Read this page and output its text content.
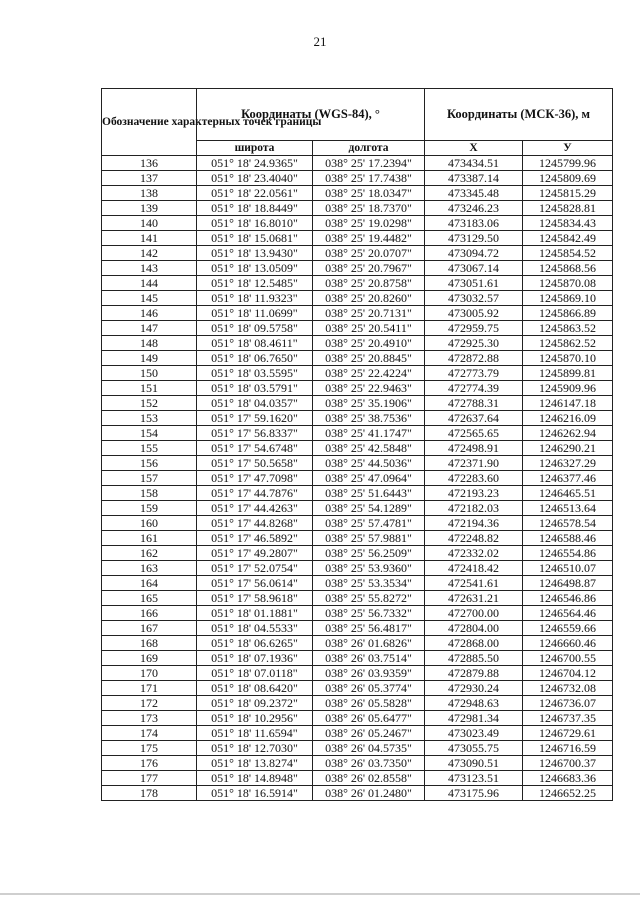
21
Обозначение характерных точек границы	Координаты (WGS-84), °		Координаты (МСК-36), м	
	широта	долгота	X	У
136	051° 18' 24.9365"	038° 25' 17.2394"	473434.51	1245799.96
137	051° 18' 23.4040"	038° 25' 17.7438"	473387.14	1245809.69
138	051° 18' 22.0561"	038° 25' 18.0347"	473345.48	1245815.29
139	051° 18' 18.8449"	038° 25' 18.7370"	473246.23	1245828.81
140	051° 18' 16.8010"	038° 25' 19.0298"	473183.06	1245834.43
141	051° 18' 15.0681"	038° 25' 19.4482"	473129.50	1245842.49
142	051° 18' 13.9430"	038° 25' 20.0707"	473094.72	1245854.52
143	051° 18' 13.0509"	038° 25' 20.7967"	473067.14	1245868.56
144	051° 18' 12.5485"	038° 25' 20.8758"	473051.61	1245870.08
145	051° 18' 11.9323"	038° 25' 20.8260"	473032.57	1245869.10
146	051° 18' 11.0699"	038° 25' 20.7131"	473005.92	1245866.89
147	051° 18' 09.5758"	038° 25' 20.5411"	472959.75	1245863.52
148	051° 18' 08.4611"	038° 25' 20.4910"	472925.30	1245862.52
149	051° 18' 06.7650"	038° 25' 20.8845"	472872.88	1245870.10
150	051° 18' 03.5595"	038° 25' 22.4224"	472773.79	1245899.81
151	051° 18' 03.5791"	038° 25' 22.9463"	472774.39	1245909.96
152	051° 18' 04.0357"	038° 25' 35.1906"	472788.31	1246147.18
153	051° 17' 59.1620"	038° 25' 38.7536"	472637.64	1246216.09
154	051° 17' 56.8337"	038° 25' 41.1747"	472565.65	1246262.94
155	051° 17' 54.6748"	038° 25' 42.5848"	472498.91	1246290.21
156	051° 17' 50.5658"	038° 25' 44.5036"	472371.90	1246327.29
157	051° 17' 47.7098"	038° 25' 47.0964"	472283.60	1246377.46
158	051° 17' 44.7876"	038° 25' 51.6443"	472193.23	1246465.51
159	051° 17' 44.4263"	038° 25' 54.1289"	472182.03	1246513.64
160	051° 17' 44.8268"	038° 25' 57.4781"	472194.36	1246578.54
161	051° 17' 46.5892"	038° 25' 57.9881"	472248.82	1246588.46
162	051° 17' 49.2807"	038° 25' 56.2509"	472332.02	1246554.86
163	051° 17' 52.0754"	038° 25' 53.9360"	472418.42	1246510.07
164	051° 17' 56.0614"	038° 25' 53.3534"	472541.61	1246498.87
165	051° 17' 58.9618"	038° 25' 55.8272"	472631.21	1246546.86
166	051° 18' 01.1881"	038° 25' 56.7332"	472700.00	1246564.46
167	051° 18' 04.5533"	038° 25' 56.4817"	472804.00	1246559.66
168	051° 18' 06.6265"	038° 26' 01.6826"	472868.00	1246660.46
169	051° 18' 07.1936"	038° 26' 03.7514"	472885.50	1246700.55
170	051° 18' 07.0118"	038° 26' 03.9359"	472879.88	1246704.12
171	051° 18' 08.6420"	038° 26' 05.3774"	472930.24	1246732.08
172	051° 18' 09.2372"	038° 26' 05.5828"	472948.63	1246736.07
173	051° 18' 10.2956"	038° 26' 05.6477"	472981.34	1246737.35
174	051° 18' 11.6594"	038° 26' 05.2467"	473023.49	1246729.61
175	051° 18' 12.7030"	038° 26' 04.5735"	473055.75	1246716.59
176	051° 18' 13.8274"	038° 26' 03.7350"	473090.51	1246700.37
177	051° 18' 14.8948"	038° 26' 02.8558"	473123.51	1246683.36
178	051° 18' 16.5914"	038° 26' 01.2480"	473175.96	1246652.25
